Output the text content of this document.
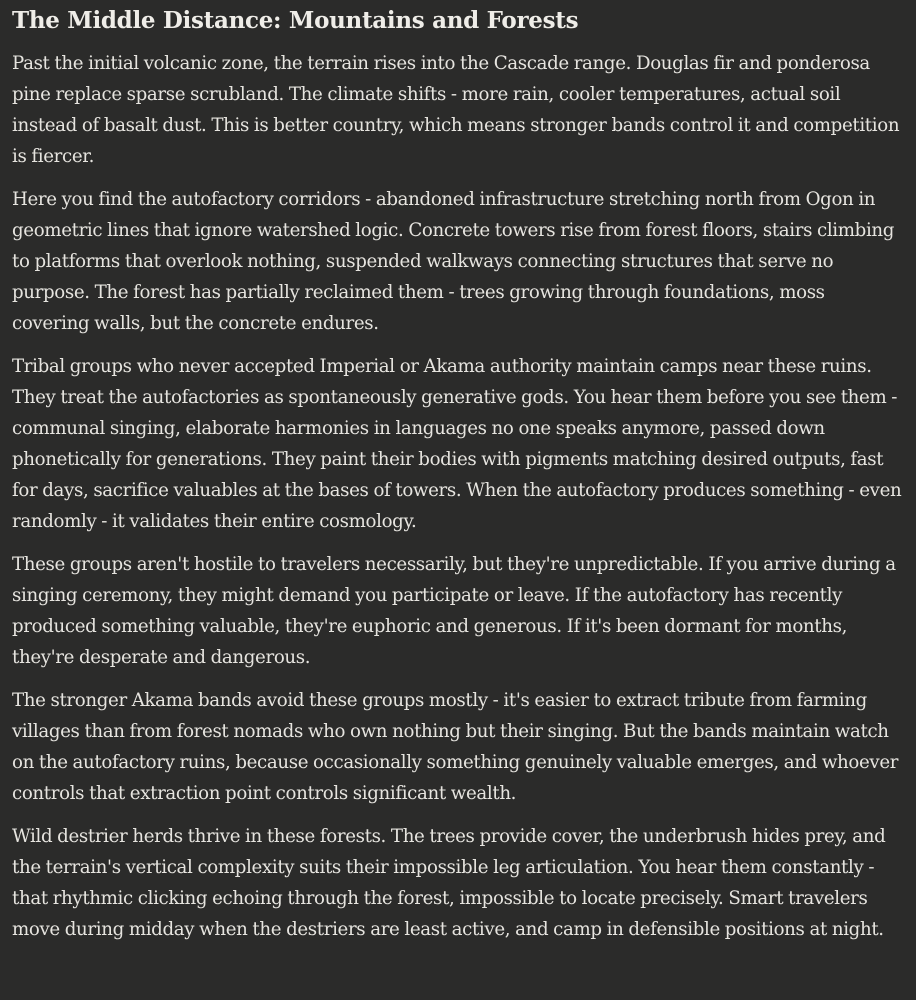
The Middle Distance: Mountains and Forests

Past the initial volcanic zone, the terrain rises into the Cascade range. Douglas fir and ponderosa pine replace sparse scrubland. The climate shifts - more rain, cooler temperatures, actual soil instead of basalt dust. This is better country, which means stronger bands control it and competition is fiercer.

Here you find the autofactory corridors - abandoned infrastructure stretching north from Ogon in geometric lines that ignore watershed logic. Concrete towers rise from forest floors, stairs climbing to platforms that overlook nothing, suspended walkways connecting structures that serve no purpose. The forest has partially reclaimed them - trees growing through foundations, moss covering walls, but the concrete endures.

Tribal groups who never accepted Imperial or Akama authority maintain camps near these ruins. They treat the autofactories as spontaneously generative gods. You hear them before you see them - communal singing, elaborate harmonies in languages no one speaks anymore, passed down phonetically for generations. They paint their bodies with pigments matching desired outputs, fast for days, sacrifice valuables at the bases of towers. When the autofactory produces something - even randomly - it validates their entire cosmology.

These groups aren't hostile to travelers necessarily, but they're unpredictable. If you arrive during a singing ceremony, they might demand you participate or leave. If the autofactory has recently produced something valuable, they're euphoric and generous. If it's been dormant for months, they're desperate and dangerous.

The stronger Akama bands avoid these groups mostly - it's easier to extract tribute from farming villages than from forest nomads who own nothing but their singing. But the bands maintain watch on the autofactory ruins, because occasionally something genuinely valuable emerges, and whoever controls that extraction point controls significant wealth.

Wild destrier herds thrive in these forests. The trees provide cover, the underbrush hides prey, and the terrain's vertical complexity suits their impossible leg articulation. You hear them constantly - that rhythmic clicking echoing through the forest, impossible to locate precisely. Smart travelers move during midday when the destriers are least active, and camp in defensible positions at night.
